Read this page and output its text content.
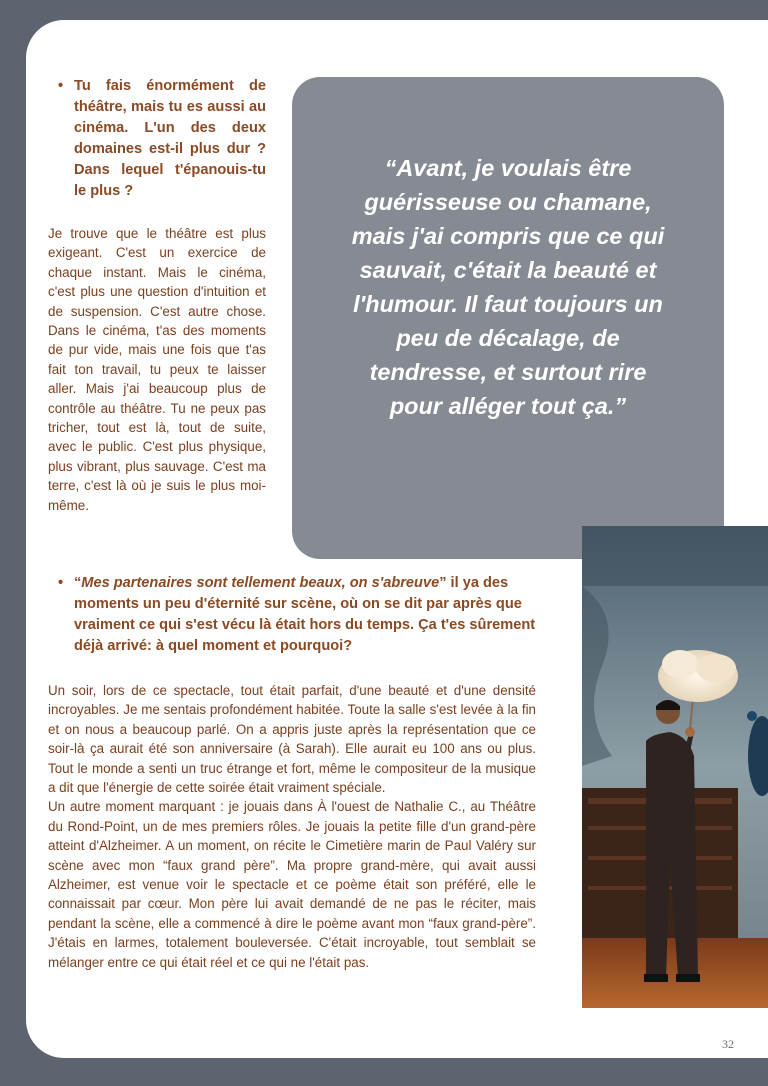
• Tu fais énormément de théâtre, mais tu es aussi au cinéma. L'un des deux domaines est-il plus dur ? Dans lequel t'épanouis-tu le plus ?
Je trouve que le théâtre est plus exigeant. C'est un exercice de chaque instant. Mais le cinéma, c'est plus une question d'intuition et de suspension. C'est autre chose. Dans le cinéma, t'as des moments de pur vide, mais une fois que t'as fait ton travail, tu peux te laisser aller. Mais j'ai beaucoup plus de contrôle au théâtre. Tu ne peux pas tricher, tout est là, tout de suite, avec le public. C'est plus physique, plus vibrant, plus sauvage. C'est ma terre, c'est là où je suis le plus moi-même.
“Avant, je voulais être guérisseuse ou chamane, mais j'ai compris que ce qui sauvait, c'était la beauté et l'humour. Il faut toujours un peu de décalage, de tendresse, et surtout rire pour alléger tout ça.”
• “Mes partenaires sont tellement beaux, on s'abreuve” il ya des moments un peu d'éternité sur scène, où on se dit par après que vraiment ce qui s'est vécu là était hors du temps. Ça t'es sûrement déjà arrivé: à quel moment et pourquoi?
Un soir, lors de ce spectacle, tout était parfait, d'une beauté et d'une densité incroyables. Je me sentais profondément habitée. Toute la salle s'est levée à la fin et on nous a beaucoup parlé. On a appris juste après la représentation que ce soir-là ça aurait été son anniversaire (à Sarah). Elle aurait eu 100 ans ou plus. Tout le monde a senti un truc étrange et fort, même le compositeur de la musique a dit que l'énergie de cette soirée était vraiment spéciale.
Un autre moment marquant : je jouais dans À l'ouest de Nathalie C., au Théâtre du Rond-Point, un de mes premiers rôles. Je jouais la petite fille d'un grand-père atteint d'Alzheimer. A un moment, on récite le Cimetière marin de Paul Valéry sur scène avec mon “faux grand père”. Ma propre grand-mère, qui avait aussi Alzheimer, est venue voir le spectacle et ce poème était son préféré, elle le connaissait par cœur. Mon père lui avait demandé de ne pas le réciter, mais pendant la scène, elle a commencé à dire le poème avant mon “faux grand-père”. J'étais en larmes, totalement bouleversée. C'était incroyable, tout semblait se mélanger entre ce qui était réel et ce qui ne l'était pas.
32
